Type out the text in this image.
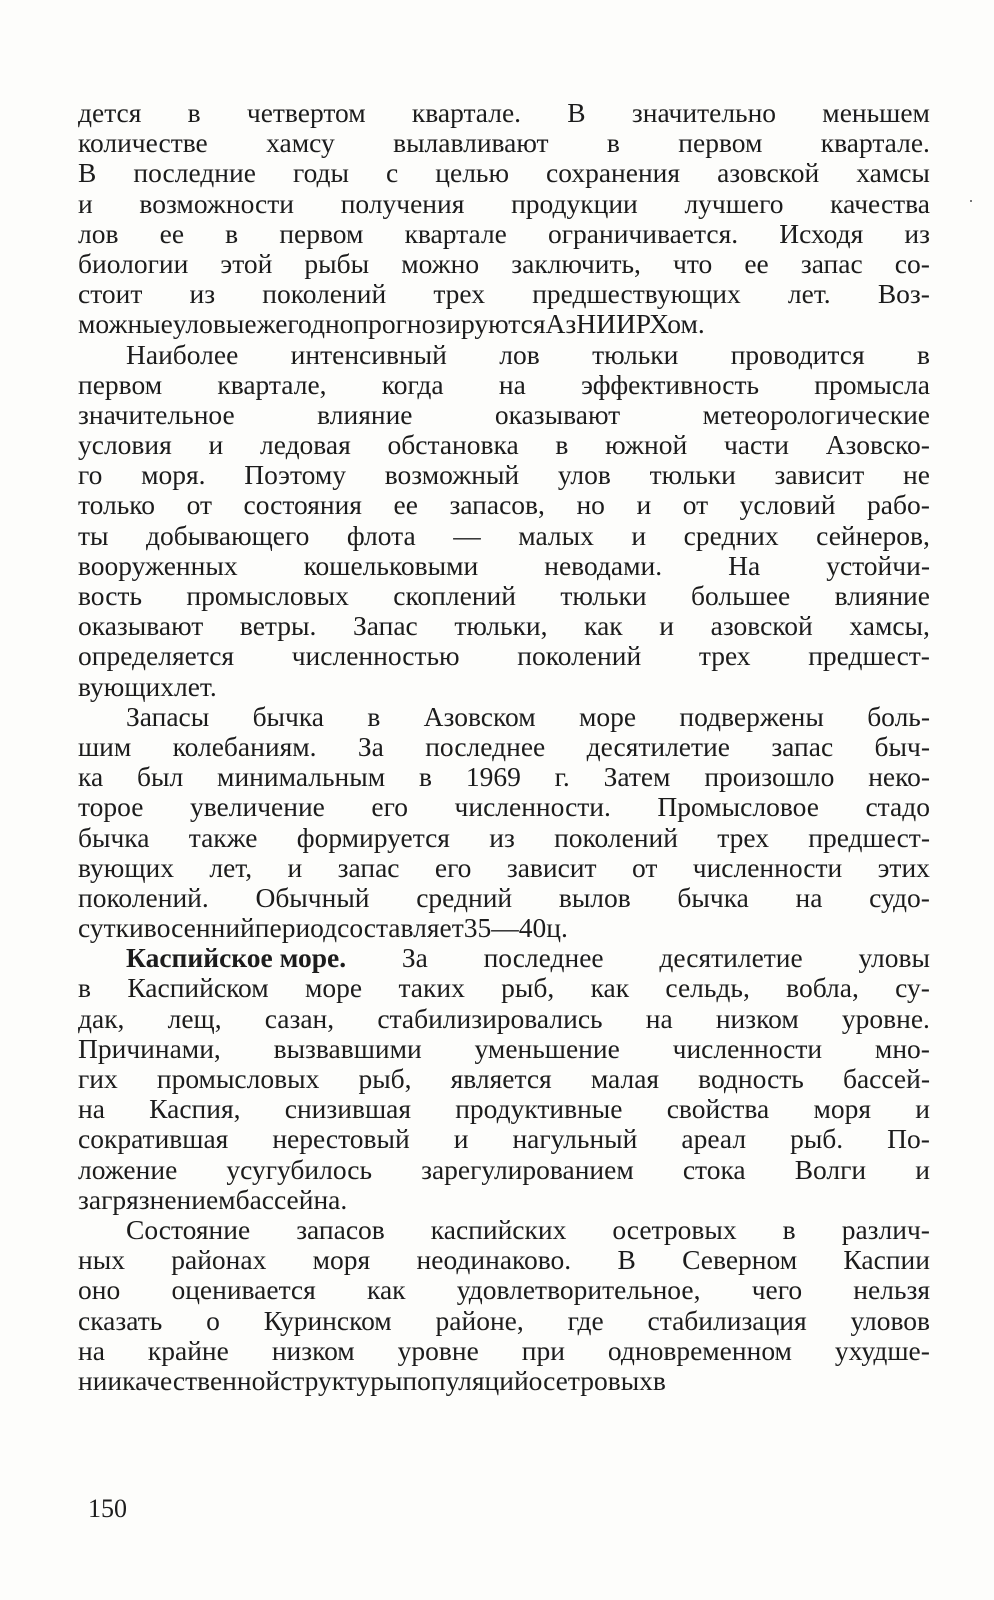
дется в четвертом квартале. В значительно меньшем
количестве хамсу вылавливают в первом квартале.
В последние годы с целью сохранения азовской хамсы
и возможности получения продукции лучшего качества
лов ее в первом квартале ограничивается. Исходя из
биологии этой рыбы можно заключить, что ее запас со-
стоит из поколений трех предшествующих лет. Воз-
можные уловы ежегодно прогнозируются АзНИИРХом.
Наиболее интенсивный лов тюльки проводится в
первом квартале, когда на эффективность промысла
значительное	влияние	оказывают	метеорологические
условия и ледовая обстановка в южной части Азовско-
го моря. Поэтому возможный улов тюльки зависит не
только от состояния ее запасов, но и от условий рабо-
ты добывающего флота — малых и средних сейнеров,
вооруженных кошельковыми неводами. На устойчи-
вость промысловых скоплений тюльки большее влияние
оказывают ветры. Запас тюльки, как и азовской хамсы,
определяется численностью поколений трех предшест-
вующих лет.
Запасы бычка в Азовском море подвержены боль-
шим колебаниям. За последнее десятилетие запас быч-
ка был минимальным в 1969 г. Затем произошло неко-
торое увеличение его численности. Промысловое стадо
бычка также формируется из поколений трех предшест-
вующих лет, и запас его зависит от численности этих
поколений. Обычный средний вылов бычка на судо-
сутки в осенний период составляет 35—40 ц.
Каспийское море. За последнее десятилетие уловы
в Каспийском море таких рыб, как сельдь, вобла, су-
дак, лещ, сазан, стабилизировались на низком уровне.
Причинами, вызвавшими уменьшение численности мно-
гих промысловых рыб, является малая водность бассей-
на Каспия, снизившая продуктивные свойства моря и
сократившая нерестовый и нагульный ареал рыб. По-
ложение усугубилось зарегулированием стока Волги и
загрязнением бассейна.
Состояние запасов каспийских осетровых в различ-
ных районах моря неодинаково. В Северном Каспии
оно оценивается как удовлетворительное, чего нельзя
сказать о Куринском районе, где стабилизация уловов
на крайне низком уровне при одновременном ухудше-
нии качественной структуры популяций осетровых в
150
